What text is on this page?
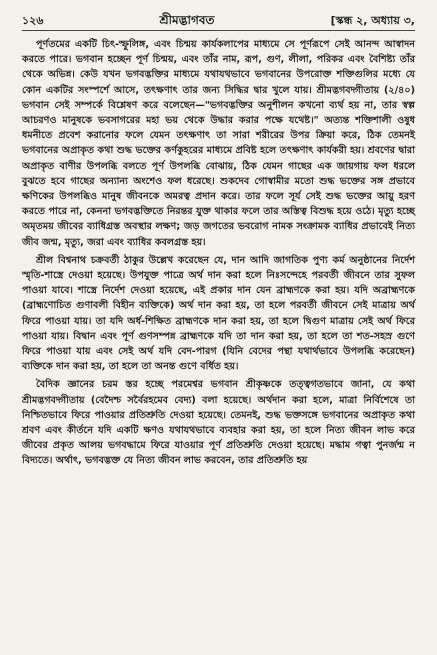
১২৬	শ্রীমদ্ভাগবত	[স্কন্ধ ২, অধ্যায় ৩,

পূর্ণতমের একটি চিৎ-স্ফুলিঙ্গ, এবং চিন্ময় কার্যকলাপের মাধ্যমে সে পূর্ণরূপে সেই আনন্দ আস্বাদন করতে পারে। ভগবান হচ্ছেন পূর্ণ চিন্ময়, এবং তাঁর নাম, রূপ, গুণ, লীলা, পরিকর এবং বৈশিষ্ট্য তাঁর থেকে অভিন্ন। কেউ যখন ভগবদ্ভক্তির মাধ্যমে যথাযথভাবে ভগবানের উপরোক্ত শক্তিগুলির মধ্যে যে কোন একটির সংস্পর্শে আসে, তৎক্ষণাৎ তার জন্য সিদ্ধির দ্বার খুলে যায়। শ্রীমদ্ভগবদ্গীতায় (২/৪০) ভগবান সেই সম্পর্কে বিশ্লেষণ করে বলেছেন—"ভগবদ্ভক্তির অনুশীলন কখনো ব্যর্থ হয় না, তার স্বল্প আচরণও মানুষকে ভবসাগরের মহা ভয় থেকে উদ্ধার করার পক্ষে যথেষ্ট।" অত্যন্ত শক্তিশালী ওষুধ ধমনীতে প্রবেশ করানোর ফলে যেমন তৎক্ষণাৎ তা সারা শরীরের উপর ক্রিয়া করে, ঠিক তেমনই ভগবানের অপ্রাকৃত কথা শুদ্ধ ভক্তের কর্ণকুহরের মাধ্যমে প্রবিষ্ট হলে তৎক্ষণাৎ কার্যকরী হয়। শ্রবণের দ্বারা অপ্রাকৃত বাণীর উপলব্ধি বলতে পূর্ণ উপলব্ধি বোঝায়, ঠিক যেমন গাছের এক জায়গায় ফল ধরলে বুঝতে হবে গাছের অন্যান্য অংশেও ফল ধরেছে। শুকদেব গোস্বামীর মতো শুদ্ধ ভক্তের সঙ্গ প্রভাবে ক্ষণিকের উপলব্ধিও মানুষ জীবনকে অমরত্ব প্রদান করে। তার ফলে সূর্য সেই শুদ্ধ ভক্তের আয়ু হরণ করতে পারে না, কেননা ভগবদ্ভক্তিতে নিরন্তর যুক্ত থাকার ফলে তার অস্তিত্ব বিশুদ্ধ হয়ে ওঠে। মৃত্যু হচ্ছে অমৃতময় জীবের ব্যাধিগ্রস্ত অবস্থার লক্ষণ; জড় জগতের ভবরোগ নামক সংক্রামক ব্যাধির প্রভাবেই নিত্য জীব জন্ম, মৃত্যু, জরা এবং ব্যাধির কবলগ্রস্ত হয়।

শ্রীল বিশ্বনাথ চক্রবর্তী ঠাকুর উল্লেখ করেছেন যে, দান আদি জাগতিক পুণ্য কর্ম অনুষ্ঠানের নির্দেশ স্মৃতি-শাস্ত্রে দেওয়া হয়েছে। উপযুক্ত পাত্রে অর্থ দান করা হলে নিঃসন্দেহে পরবর্তী জীবনে তার সুফল পাওয়া যাবে। শাস্ত্রে নির্দেশ দেওয়া হয়েছে, এই প্রকার দান যেন ব্রাহ্মণকে করা হয়। যদি অব্রাহ্মণকে (ব্রাহ্মণোচিত গুণাবলী বিহীন ব্যক্তিকে) অর্থ দান করা হয়, তা হলে পরবর্তী জীবনে সেই মাত্রায় অর্থ ফিরে পাওয়া যায়। তা যদি অর্ধ-শিক্ষিত ব্রাহ্মণকে দান করা হয়, তা হলে দ্বিগুণ মাত্রায় সেই অর্থ ফিরে পাওয়া যায়। বিদ্বান এবং পূর্ণ গুণসম্পন্ন ব্রাহ্মণকে যদি তা দান করা হয়, তা হলে তা শত-সহস্র গুণে ফিরে পাওয়া যায় এবং সেই অর্থ যদি বেদ-পারগ (যিনি বেদের পন্থা যথার্থভাবে উপলব্ধি করেছেন) ব্যক্তিকে দান করা হয়, তা হলে তা অনন্ত গুণে বর্ধিত হয়।

বৈদিক জ্ঞানের চরম স্তর হচ্ছে পরমেশ্বর ভগবান শ্রীকৃষ্ণকে তত্ত্বগতভাবে জানা, যে কথা শ্রীমদ্ভগবদ্গীতায় (বেদৈশ্চ সর্বৈরহমেব বেদ্য) বলা হয়েছে। অর্থদান করা হলে, মাত্রা নির্বিশেষে তা নিশ্চিতভাবে ফিরে পাওয়ার প্রতিশ্রুতি দেওয়া হয়েছে। তেমনই, শুদ্ধ ভক্তসঙ্গে ভগবানের অপ্রাকৃত কথা শ্রবণ এবং কীর্তনে যদি একটি ক্ষণও যথাযথভাবে ব্যবহার করা হয়, তা হলে নিত্য জীবন লাভ করে জীবের প্রকৃত আলয় ভগবদ্ধামে ফিরে যাওয়ার পূর্ণ প্রতিশ্রুতি দেওয়া হয়েছে। মদ্ধাম গত্বা পুনর্জন্ম ন বিদ্যতে। অর্থাৎ, ভগবদ্ভক্ত যে নিত্য জীবন লাভ করবেন, তার প্রতিশ্রুতি হয়
